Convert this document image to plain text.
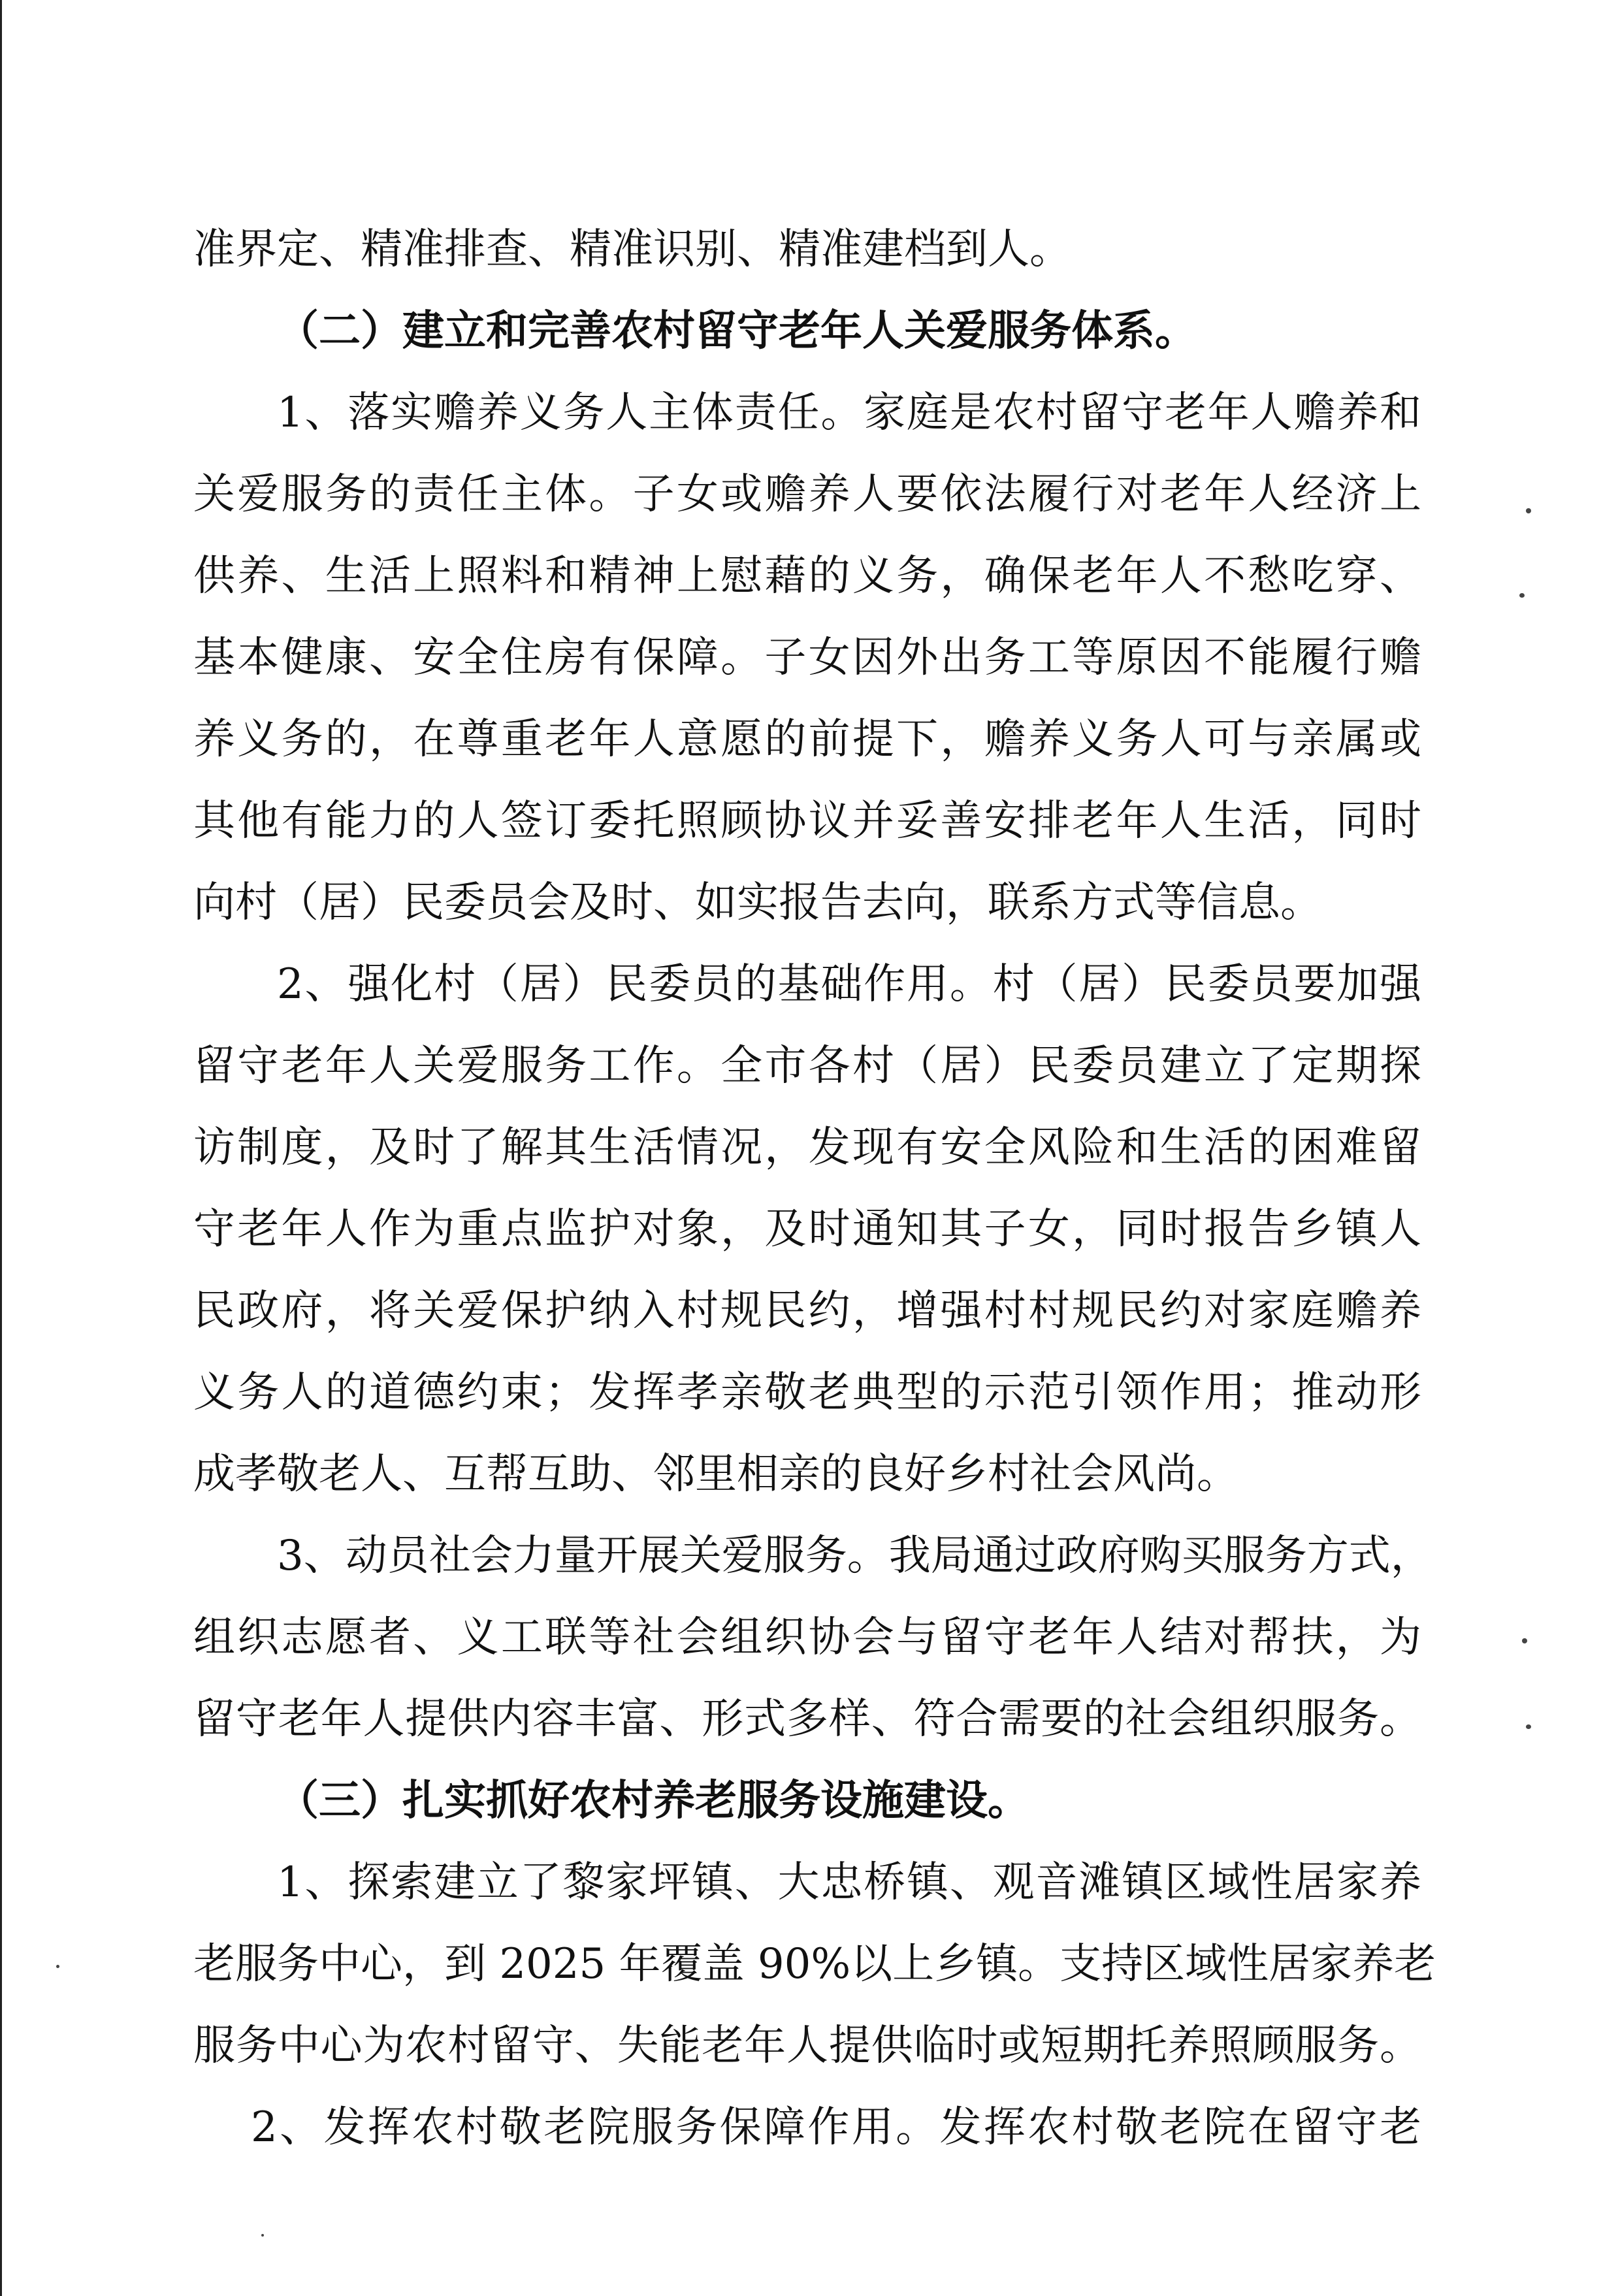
准界定、精准排查、精准识别、精准建档到人。
（二）建立和完善农村留守老年人关爱服务体系。
1、落实赡养义务人主体责任。家庭是农村留守老年人赡养和
关爱服务的责任主体。子女或赡养人要依法履行对老年人经济上
供养、生活上照料和精神上慰藉的义务，确保老年人不愁吃穿、
基本健康、安全住房有保障。子女因外出务工等原因不能履行赡
养义务的，在尊重老年人意愿的前提下，赡养义务人可与亲属或
其他有能力的人签订委托照顾协议并妥善安排老年人生活，同时
向村（居）民委员会及时、如实报告去向，联系方式等信息。
2、强化村（居）民委员的基础作用。村（居）民委员要加强
留守老年人关爱服务工作。全市各村（居）民委员建立了定期探
访制度，及时了解其生活情况，发现有安全风险和生活的困难留
守老年人作为重点监护对象，及时通知其子女，同时报告乡镇人
民政府，将关爱保护纳入村规民约，增强村村规民约对家庭赡养
义务人的道德约束；发挥孝亲敬老典型的示范引领作用；推动形
成孝敬老人、互帮互助、邻里相亲的良好乡村社会风尚。
3、动员社会力量开展关爱服务。我局通过政府购买服务方式，
组织志愿者、义工联等社会组织协会与留守老年人结对帮扶，为
留守老年人提供内容丰富、形式多样、符合需要的社会组织服务。
（三）扎实抓好农村养老服务设施建设。
1、探索建立了黎家坪镇、大忠桥镇、观音滩镇区域性居家养
老服务中心，到 2025 年覆盖 90%以上乡镇。支持区域性居家养老
服务中心为农村留守、失能老年人提供临时或短期托养照顾服务。
2、发挥农村敬老院服务保障作用。发挥农村敬老院在留守老
